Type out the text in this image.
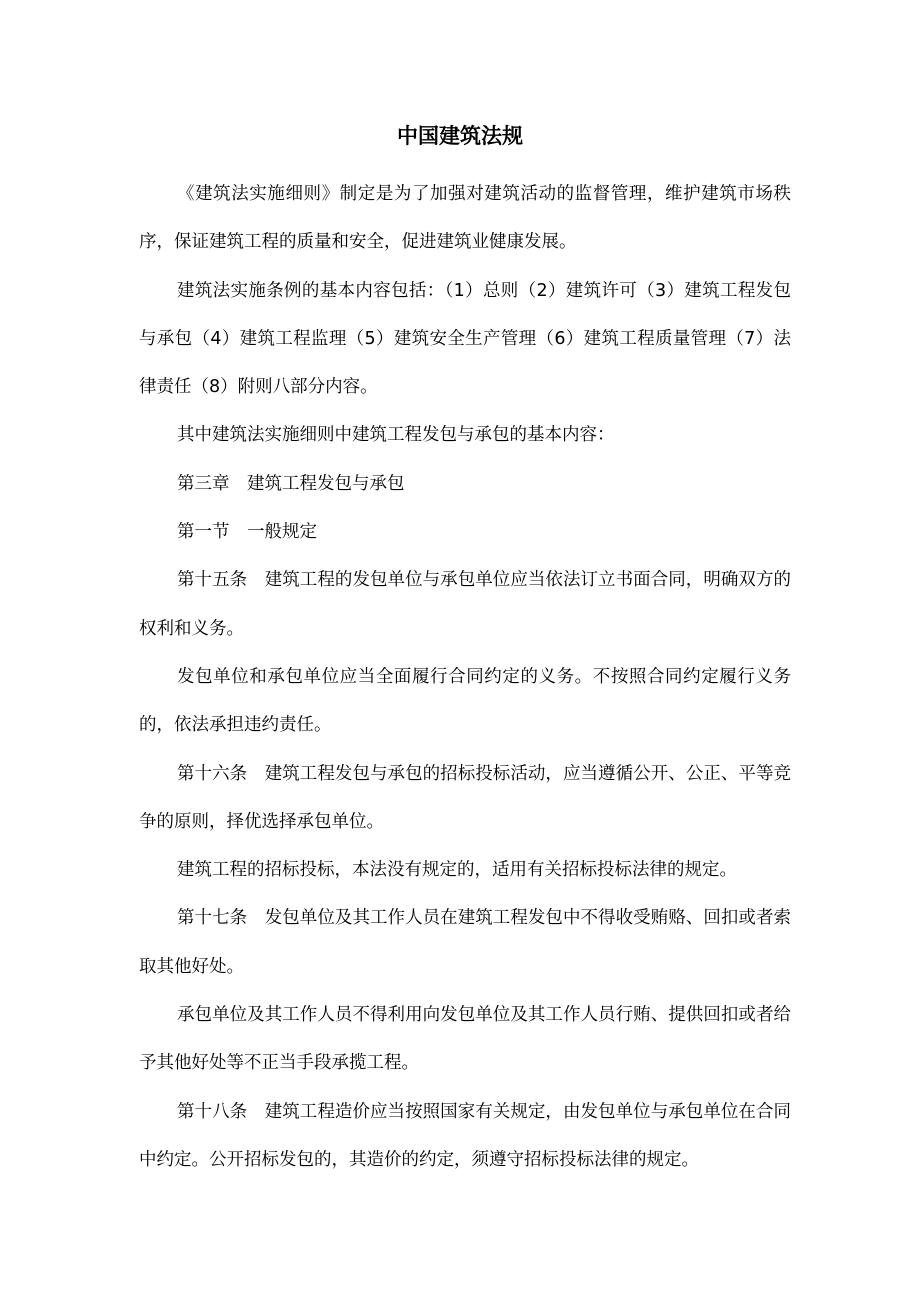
中国建筑法规

《建筑法实施细则》制定是为了加强对建筑活动的监督管理，维护建筑市场秩序，保证建筑工程的质量和安全，促进建筑业健康发展。

建筑法实施条例的基本内容包括：（1）总则（2）建筑许可（3）建筑工程发包与承包（4）建筑工程监理（5）建筑安全生产管理（6）建筑工程质量管理（7）法律责任（8）附则八部分内容。

其中建筑法实施细则中建筑工程发包与承包的基本内容：

第三章　建筑工程发包与承包

第一节　一般规定

第十五条　建筑工程的发包单位与承包单位应当依法订立书面合同，明确双方的权利和义务。

发包单位和承包单位应当全面履行合同约定的义务。不按照合同约定履行义务的，依法承担违约责任。

第十六条　建筑工程发包与承包的招标投标活动，应当遵循公开、公正、平等竞争的原则，择优选择承包单位。

建筑工程的招标投标，本法没有规定的，适用有关招标投标法律的规定。

第十七条　发包单位及其工作人员在建筑工程发包中不得收受贿赂、回扣或者索取其他好处。

承包单位及其工作人员不得利用向发包单位及其工作人员行贿、提供回扣或者给予其他好处等不正当手段承揽工程。

第十八条　建筑工程造价应当按照国家有关规定，由发包单位与承包单位在合同中约定。公开招标发包的，其造价的约定，须遵守招标投标法律的规定。
